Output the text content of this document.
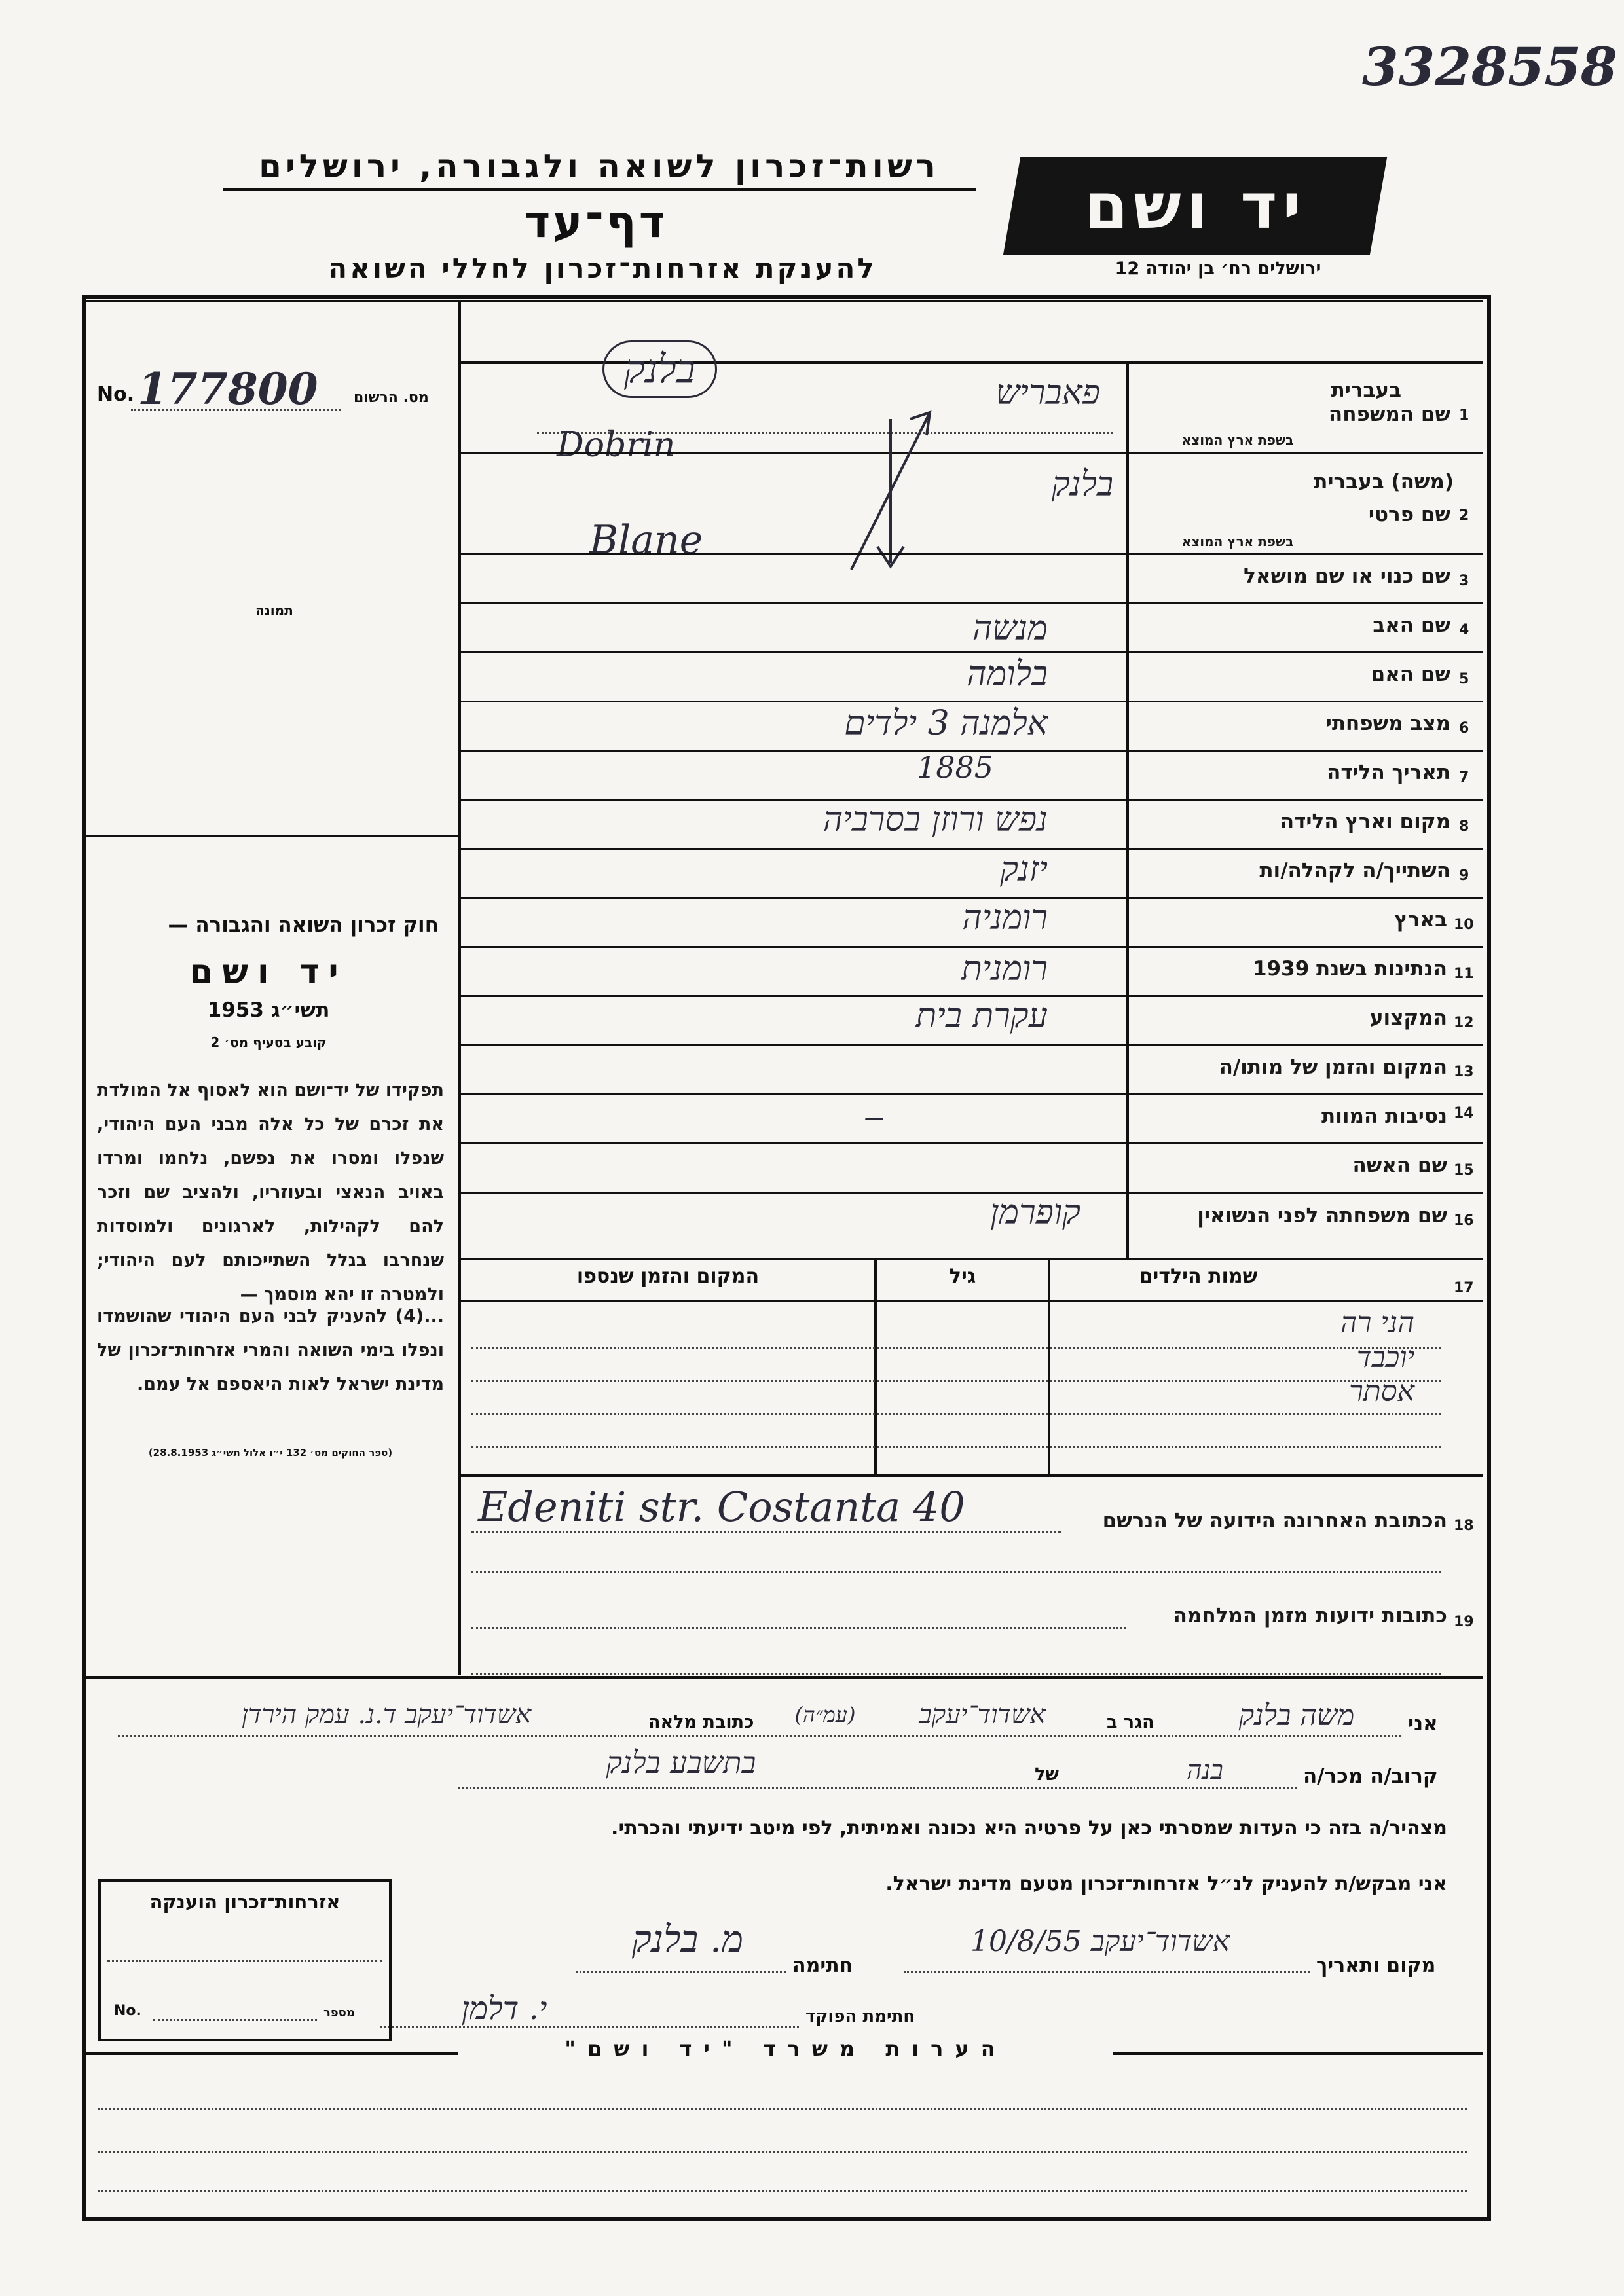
3328558
רשות־זכרון לשואה ולגבורה, ירושלים
דף־עד
להענקת אזרחות־זכרון לחללי השואה
יד ושם
ירושלים רח׳ בן יהודה 12
No. 177800 מס. הרשום
תמונה
חוק זכרון השואה והגבורה —
יד ושם
תשי״ג 1953
קובע בסעיף מס׳ 2
תפקידו של יד־ושם הוא לאסוף אל המולדת את זכרם של כל אלה מבני העם היהודי, שנפלו ומסרו את נפשם, נלחמו ומרדו באויב הנאצי ובעוזריו, ולהציב שם וזכר להם לקהילות, לארגונים ולמוסדות שנחרבו בגלל השתייכותם לעם היהודי; ולמטרה זו יהא מוסמך —
...(4) להעניק לבני העם היהודי שהושמדו ונפלו בימי השואה והמרי אזרחות־זכרון של מדינת ישראל לאות היאספם אל עמם.
(ספר החוקים מס׳ 132 י״ו אלול תשי״ג 28.8.1953)
1
בעברית
שם המשפחה
בשפת ארץ המוצא
פאבריש
Dobrin
בלנק
2
(משה) בעברית
שם פרטי
בשפת ארץ המוצא
בלנק
Blane
3
שם כנוי או שם מושאל
4
שם האב
מנשה
5
שם האם
בלומה
6
מצב משפחתי
אלמנה 3 ילדים
7
תאריך הלידה
1885
8
מקום וארץ הלידה
נפש ורוזן בסרביה
9
השתייך/ה לקהלה/ות
יזנק
10
בארץ
רומניה
11
הנתינות בשנת 1939
רומנית
12
המקצוע
עקרת בית
13
המקום והזמן של מותו/ה
14
נסיבות המוות
—
15
שם האשה
16
שם משפחתה לפני הנשואין
קופרמן
17
שמות הילדים
גיל
המקום והזמן שנספו
הני רה
יוכבד
אסתר
Edeniti str. Costanta 40	הכתובת האחרונה הידועה של הנרשם 18
כתובות ידועות מזמן המלחמה 19
אני
משה בלנק
הגר ב
אשדוד־יעקב
(עמ״ה)
כתובת מלאה
אשדוד־יעקב ד.נ. עמק הירדן
קרוב/ה מכר/ה
בנה
של
בתשבע בלנק
מצהיר/ה בזה כי העדות שמסרתי כאן על פרטיה היא נכונה ואמיתית, לפי מיטב ידיעתי והכרתי.
אני מבקש/ת להעניק לנ״ל אזרחות־זכרון מטעם מדינת ישראל.
מקום ותאריך
אשדוד־יעקב 10/8/55
חתימה
מ. בלנק
חתימת הפוקד
י. דלמן
אזרחות־זכרון הוענקה
No.	מספר
הערות משרד "יד ושם"
